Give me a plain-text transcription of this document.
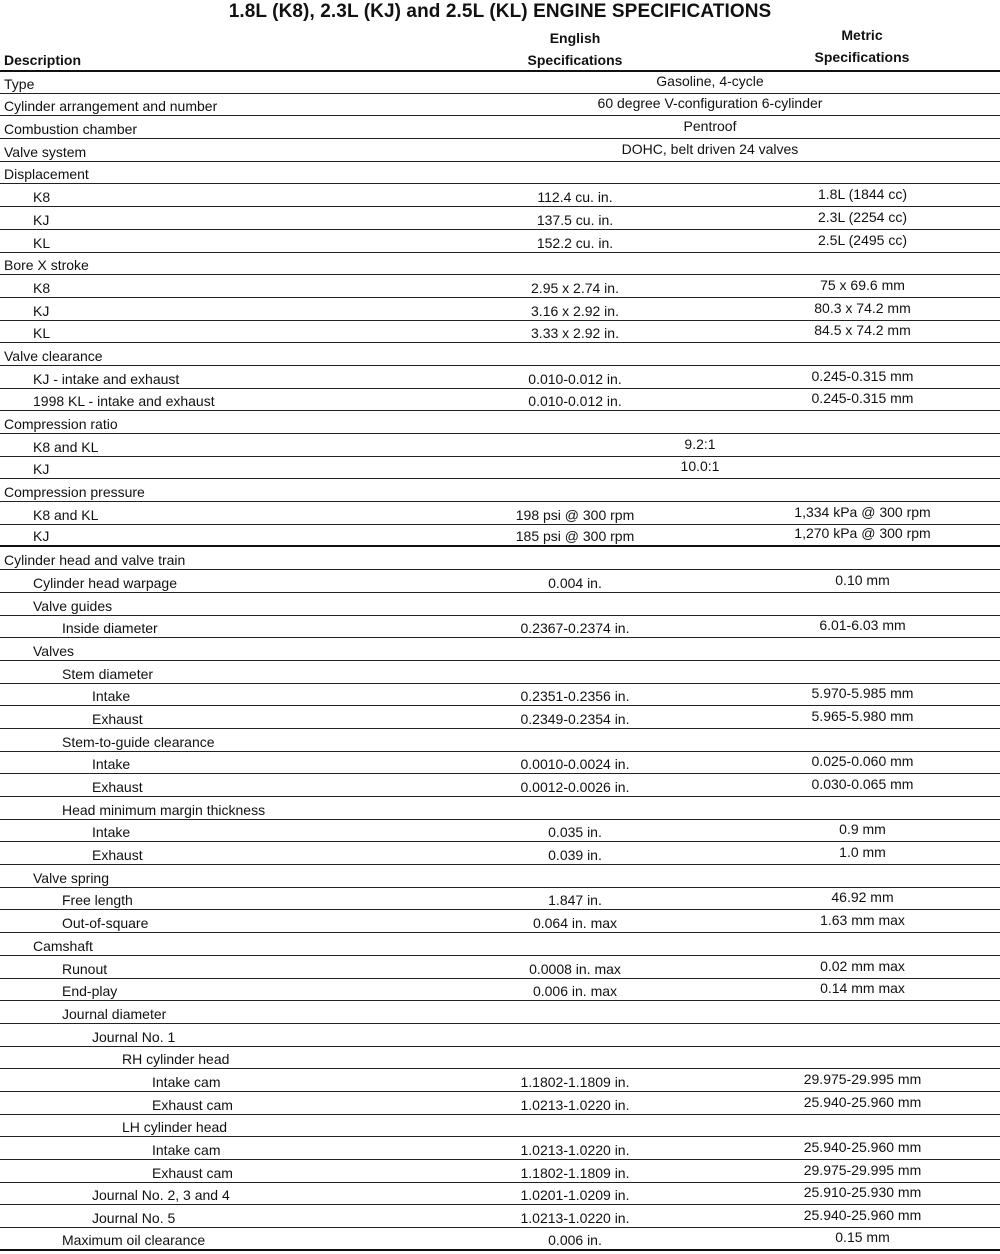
1.8L (K8), 2.3L (KJ) and 2.5L (KL) ENGINE SPECIFICATIONS
Description
English
Specifications
Metric
Specifications
Type	Gasoline, 4-cycle
Cylinder arrangement and number	60 degree V-configuration 6-cylinder
Combustion chamber	Pentroof
Valve system	DOHC, belt driven 24 valves
Displacement
K8	112.4 cu. in.	1.8L (1844 cc)
KJ	137.5 cu. in.	2.3L (2254 cc)
KL	152.2 cu. in.	2.5L (2495 cc)
Bore X stroke
K8	2.95 x 2.74 in.	75 x 69.6 mm
KJ	3.16 x 2.92 in.	80.3 x 74.2 mm
KL	3.33 x 2.92 in.	84.5 x 74.2 mm
Valve clearance
KJ - intake and exhaust	0.010-0.012 in.	0.245-0.315 mm
1998 KL - intake and exhaust	0.010-0.012 in.	0.245-0.315 mm
Compression ratio
K8 and KL	9.2:1
KJ	10.0:1
Compression pressure
K8 and KL	198 psi @ 300 rpm	1,334 kPa @ 300 rpm
KJ	185 psi @ 300 rpm	1,270 kPa @ 300 rpm
Cylinder head and valve train
Cylinder head warpage	0.004 in.	0.10 mm
Valve guides
Inside diameter	0.2367-0.2374 in.	6.01-6.03 mm
Valves
Stem diameter
Intake	0.2351-0.2356 in.	5.970-5.985 mm
Exhaust	0.2349-0.2354 in.	5.965-5.980 mm
Stem-to-guide clearance
Intake	0.0010-0.0024 in.	0.025-0.060 mm
Exhaust	0.0012-0.0026 in.	0.030-0.065 mm
Head minimum margin thickness
Intake	0.035 in.	0.9 mm
Exhaust	0.039 in.	1.0 mm
Valve spring
Free length	1.847 in.	46.92 mm
Out-of-square	0.064 in. max	1.63 mm max
Camshaft
Runout	0.0008 in. max	0.02 mm max
End-play	0.006 in. max	0.14 mm max
Journal diameter
Journal No. 1
RH cylinder head
Intake cam	1.1802-1.1809 in.	29.975-29.995 mm
Exhaust cam	1.0213-1.0220 in.	25.940-25.960 mm
LH cylinder head
Intake cam	1.0213-1.0220 in.	25.940-25.960 mm
Exhaust cam	1.1802-1.1809 in.	29.975-29.995 mm
Journal No. 2, 3 and 4	1.0201-1.0209 in.	25.910-25.930 mm
Journal No. 5	1.0213-1.0220 in.	25.940-25.960 mm
Maximum oil clearance	0.006 in.	0.15 mm
